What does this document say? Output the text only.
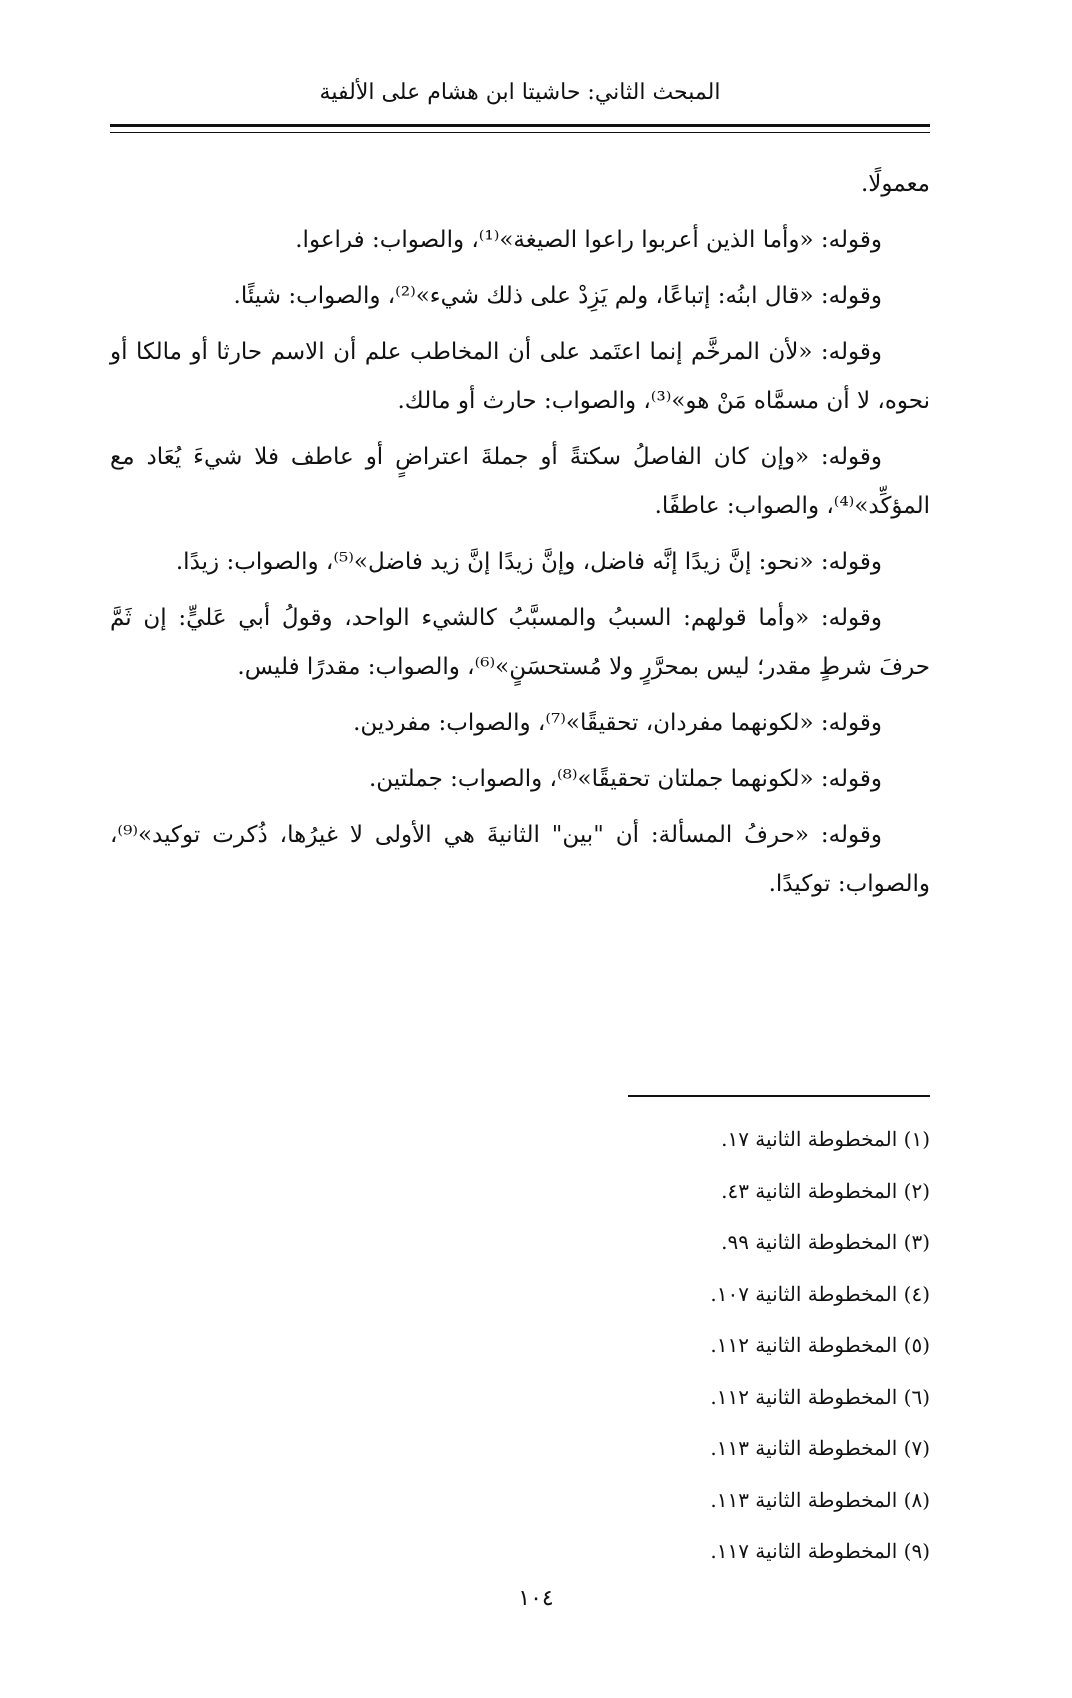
المبحث الثاني: حاشيتا ابن هشام على الألفية

معمولًا.

وقوله: «وأما الذين أعربوا راعوا الصيغة»⁽¹⁾، والصواب: فراعوا.

وقوله: «قال ابنُه: إتباعًا، ولم يَزِدْ على ذلك شيء»⁽²⁾، والصواب: شيئًا.

وقوله: «لأن المرخَّم إنما اعتَمد على أن المخاطب علم أن الاسم حارثا أو مالكا أو نحوه، لا أن مسمَّاه مَنْ هو»⁽³⁾، والصواب: حارث أو مالك.

وقوله: «وإن كان الفاصلُ سكتةً أو جملةَ اعتراضٍ أو عاطف فلا شيءَ يُعَاد مع المؤكِّد»⁽⁴⁾، والصواب: عاطفًا.

وقوله: «نحو: إنَّ زيدًا إنَّه فاضل، وإنَّ زيدًا إنَّ زيد فاضل»⁽⁵⁾، والصواب: زيدًا.

وقوله: «وأما قولهم: السببُ والمسبَّبُ كالشيء الواحد، وقولُ أبي عَليٍّ: إن ثَمَّ حرفَ شرطٍ مقدر؛ ليس بمحرَّرٍ ولا مُستحسَنٍ»⁽⁶⁾، والصواب: مقدرًا فليس.

وقوله: «لكونهما مفردان، تحقيقًا»⁽⁷⁾، والصواب: مفردين.

وقوله: «لكونهما جملتان تحقيقًا»⁽⁸⁾، والصواب: جملتين.

وقوله: «حرفُ المسألة: أن "بين" الثانيةَ هي الأولى لا غيرُها، ذُكرت توكيد»⁽⁹⁾، والصواب: توكيدًا.

(١) المخطوطة الثانية ١٧.
(٢) المخطوطة الثانية ٤٣.
(٣) المخطوطة الثانية ٩٩.
(٤) المخطوطة الثانية ١٠٧.
(٥) المخطوطة الثانية ١١٢.
(٦) المخطوطة الثانية ١١٢.
(٧) المخطوطة الثانية ١١٣.
(٨) المخطوطة الثانية ١١٣.
(٩) المخطوطة الثانية ١١٧.
١٠٤
